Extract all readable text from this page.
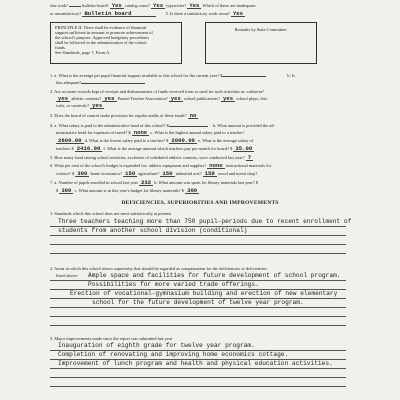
olar rook?	bulletin board? Yes catalog cases? Yes typewriter? Yes Which of these are inadequate
or unsatisfactory? Bulletin board	5. Is there a satisfactory work room? Yes
PRINCIPLE II: There shall be evidence of financial
support sufficient in amount to promote achievement of
the school's purpose. Approved budgetary procedures
shall be followed in the administration of the school
funds.
See Standards, page 7, Form A.
Remarks by State Committee:
1. a. What is the average per pupil financial support available to this school for the current year? $	b. Is
this adequate?
2. Are accurate records kept of receipts and disbursements of funds received from or used for such activities as: cafeteria?
yes athletic contests? yes Parent-Teacher Association? yes school publications? yes school plays, fest-
ivals, or carnivals? yes
3. Does the board of control make provision for regular audits of these funds? no
4. a. What salary is paid to the administrative head of this school? $	b. What amount is provided the ad-
ministrative head for expenses of travel? $ none c. What is the highest annual salary paid to a teacher?
2600.00 d. What is the lowest salary paid to a teacher? $ 2000.00 e. What is the average salary of
teachers $ 2416.00 f. What is the average amount which teachers pay per month for board? $ 35.00
5. How many fund raising school activities, exclusive of scheduled athletic contests, were conducted last year? 7
6. What per cent of the school's budget is expended for: athletic equipment and supplies? none instructional materials for
science? $ 300 home economics? 150 agriculture? 150 industrial arts? 150 wood and metal shop?
7. a. Number of pupils enrolled in school last year 232 b. What amount was spent for library materials last year? $
$ 300 c. What amount is in this year's budget for library materials? $ 300
DEFICIENCIES, SUPERIORITIES AND IMPROVEMENTS
1. Standards which this school does not meet satisfactorily at present
Three teachers teaching more than 750 pupil-periods due to recent enrollment of
students from another school division (conditional)
2. Areas in which this school shows superiority that should be regarded as compensation for the deficiencies or deficiencies
listed above: Ample space and facilities for future development of school program.
Possibilities for more varied trade offerings.
Erection of vocational-gymnasium building and erection of new elementary
school for the future development of twelve year program.
3. Major improvements made since the report was submitted last year
Inauguration of eighth grade for twelve year program.
Completion of renovating and improving home economics cottage.
Improvement of lunch program and health and physical education activities.
